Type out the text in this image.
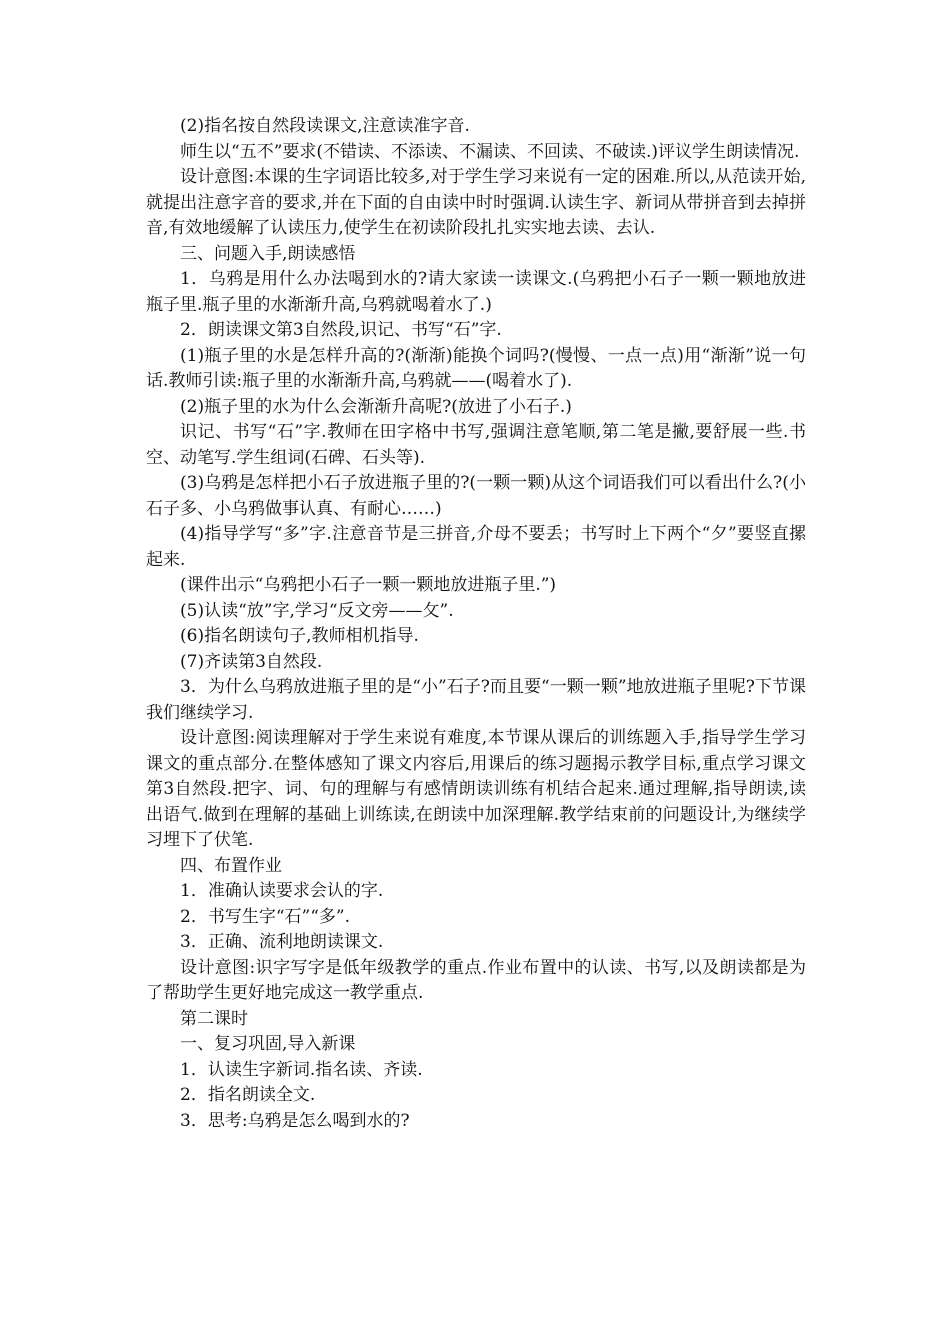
(2)指名按自然段读课文,注意读准字音.

师生以“五不”要求(不错读、不添读、不漏读、不回读、不破读.)评议学生朗读情况.

设计意图:本课的生字词语比较多,对于学生学习来说有一定的困难.所以,从范读开始,就提出注意字音的要求,并在下面的自由读中时时强调.认读生字、新词从带拼音到去掉拼音,有效地缓解了认读压力,使学生在初读阶段扎扎实实地去读、去认.

三、问题入手,朗读感悟

1．乌鸦是用什么办法喝到水的?请大家读一读课文.(乌鸦把小石子一颗一颗地放进瓶子里.瓶子里的水渐渐升高,乌鸦就喝着水了.)

2．朗读课文第3自然段,识记、书写“石”字.

(1)瓶子里的水是怎样升高的?(渐渐)能换个词吗?(慢慢、一点一点)用“渐渐”说一句话.教师引读:瓶子里的水渐渐升高,乌鸦就——(喝着水了).

(2)瓶子里的水为什么会渐渐升高呢?(放进了小石子.)

识记、书写“石”字.教师在田字格中书写,强调注意笔顺,第二笔是撇,要舒展一些.书空、动笔写.学生组词(石碑、石头等).

(3)乌鸦是怎样把小石子放进瓶子里的?(一颗一颗)从这个词语我们可以看出什么?(小石子多、小乌鸦做事认真、有耐心……)

(4)指导学写“多”字.注意音节是三拼音,介母不要丢；书写时上下两个“夕”要竖直摞起来.

(课件出示“乌鸦把小石子一颗一颗地放进瓶子里.”)

(5)认读“放”字,学习“反文旁——攵”.

(6)指名朗读句子,教师相机指导.

(7)齐读第3自然段.

3．为什么乌鸦放进瓶子里的是“小”石子?而且要“一颗一颗”地放进瓶子里呢?下节课我们继续学习.

设计意图:阅读理解对于学生来说有难度,本节课从课后的训练题入手,指导学生学习课文的重点部分.在整体感知了课文内容后,用课后的练习题揭示教学目标,重点学习课文第3自然段.把字、词、句的理解与有感情朗读训练有机结合起来.通过理解,指导朗读,读出语气.做到在理解的基础上训练读,在朗读中加深理解.教学结束前的问题设计,为继续学习埋下了伏笔.

四、布置作业

1．准确认读要求会认的字.

2．书写生字“石”“多”.

3．正确、流利地朗读课文.

设计意图:识字写字是低年级教学的重点.作业布置中的认读、书写,以及朗读都是为了帮助学生更好地完成这一教学重点.

第二课时

一、复习巩固,导入新课

1．认读生字新词.指名读、齐读.

2．指名朗读全文.

3．思考:乌鸦是怎么喝到水的?
